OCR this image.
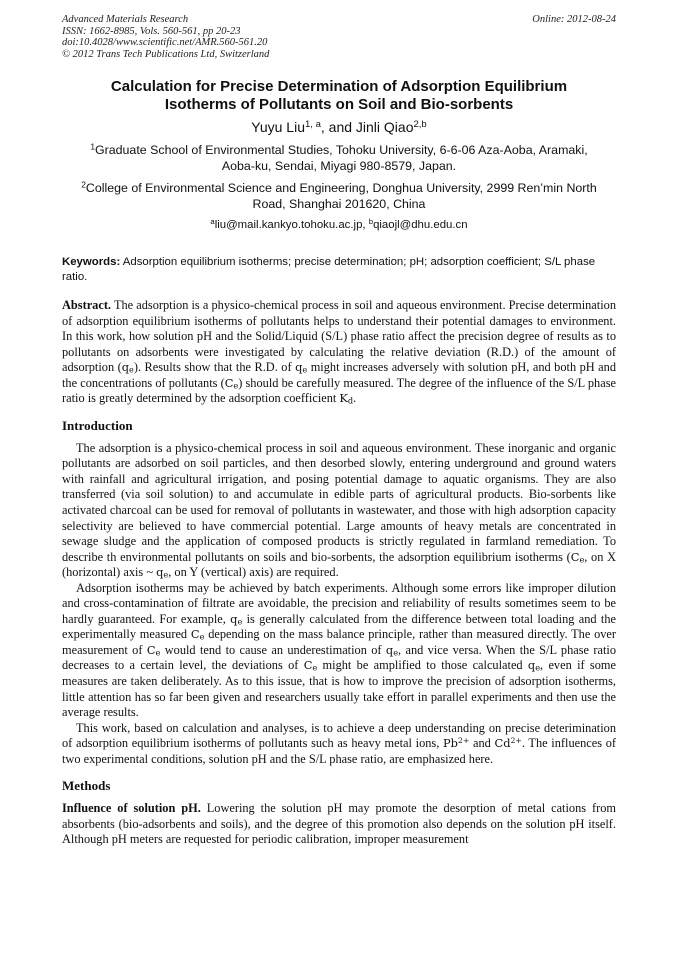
Advanced Materials Research
ISSN: 1662-8985, Vols. 560-561, pp 20-23
doi:10.4028/www.scientific.net/AMR.560-561.20
© 2012 Trans Tech Publications Ltd, Switzerland
Online: 2012-08-24
Calculation for Precise Determination of Adsorption Equilibrium
Isotherms of Pollutants on Soil and Bio-sorbents
Yuyu Liu$^{1, a}$, and Jinli Qiao$^{2,b}$
$^1$Graduate School of Environmental Studies, Tohoku University, 6-6-06 Aza-Aoba, Aramaki,
Aoba-ku, Sendai, Miyagi 980-8579, Japan.
$^2$College of Environmental Science and Engineering, Donghua University, 2999 Ren’min North
Road, Shanghai 201620, China
$^a$liu@mail.kankyo.tohoku.ac.jp, $^b$qiaojl@dhu.edu.cn
Keywords: Adsorption equilibrium isotherms; precise determination; pH; adsorption coefficient; S/L phase ratio.

Abstract. The adsorption is a physico-chemical process in soil and aqueous environment. Precise determination of adsorption equilibrium isotherms of pollutants helps to understand their potential damages to environment. In this work, how solution pH and the Solid/Liquid (S/L) phase ratio affect the precision degree of results as to pollutants on adsorbents were investigated by calculating the relative deviation (R.D.) of the amount of adsorption $(q_e)$. Results show that the R.D. of $q_e$ might increases adversely with solution pH, and both pH and the concentrations of pollutants $(C_e)$ should be carefully measured. The degree of the influence of the S/L phase ratio is greatly determined by the adsorption coefficient $K_d$.

Introduction

The adsorption is a physico-chemical process in soil and aqueous environment. These inorganic and organic pollutants are adsorbed on soil particles, and then desorbed slowly, entering underground and ground waters with rainfall and agricultural irrigation, and posing potential damage to aquatic organisms. They are also transferred (via soil solution) to and accumulate in edible parts of agricultural products. Bio-sorbents like activated charcoal can be used for removal of pollutants in wastewater, and those with high adsorption capacity selectivity are believed to have commercial potential. Large amounts of heavy metals are concentrated in sewage sludge and the application of composed products is strictly regulated in farmland remediation. To describe th environmental pollutants on soils and bio-sorbents, the adsorption equilibrium isotherms ($C_e$, on X (horizontal) axis ~ $q_e$, on Y (vertical) axis) are required.

Adsorption isotherms may be achieved by batch experiments. Although some errors like improper dilution and cross-contamination of filtrate are avoidable, the precision and reliability of results sometimes seem to be hardly guaranteed. For example, $q_e$ is generally calculated from the difference between total loading and the experimentally measured $C_e$ depending on the mass balance principle, rather than measured directly. The over measurement of $C_e$ would tend to cause an underestimation of $q_e$, and vice versa. When the S/L phase ratio decreases to a certain level, the deviations of $C_e$ might be amplified to those calculated $q_e$, even if some measures are taken deliberately. As to this issue, that is how to improve the precision of adsorption isotherms, little attention has so far been given and researchers usually take effort in parallel experiments and then use the average results.

This work, based on calculation and analyses, is to achieve a deep understanding on precise deterimination of adsorption equilibrium isotherms of pollutants such as heavy metal ions, $Pb^{2+}$ and $Cd^{2+}$. The influences of two experimental conditions, solution pH and the S/L phase ratio, are emphasized here.

Methods

Influence of solution pH. Lowering the solution pH may promote the desorption of metal cations from absorbents (bio-adsorbents and soils), and the degree of this promotion also depends on the solution pH itself. Although pH meters are requested for periodic calibration, improper measurement
